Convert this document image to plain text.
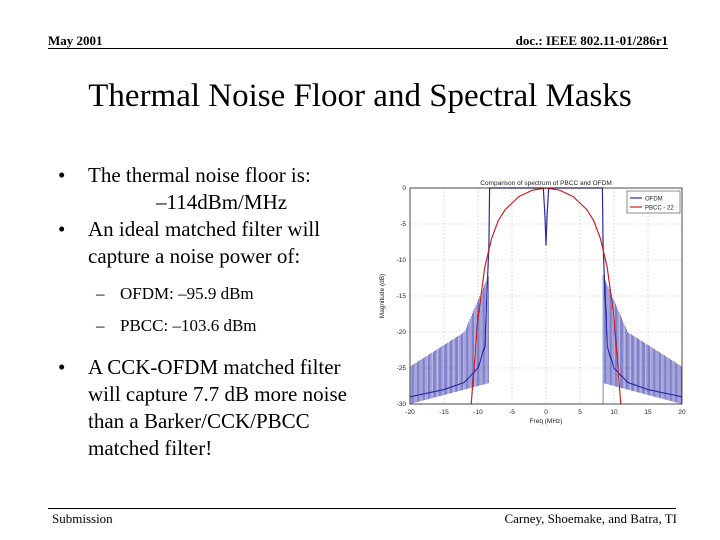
May 2001	doc.: IEEE 802.11-01/286r1
Thermal Noise Floor and Spectral Masks
• The thermal noise floor is:
–114dBm/MHz
• An ideal matched filter will
capture a noise power of:
– OFDM: –95.9 dBm
– PBCC: –103.6 dBm
• A CCK-OFDM matched filter
will capture 7.7 dB more noise
than a Barker/CCK/PBCC
matched filter!
-20	-15	-10	-5	0	5	10	15	20
0
-5
-10
-15
-20
-25
-30
Comparison of spectrum of PBCC and OFDM
Freq (MHz)
Magnitude (dB)
OFDM
PBCC - 22
Submission	Carney, Shoemake, and Batra, TI
